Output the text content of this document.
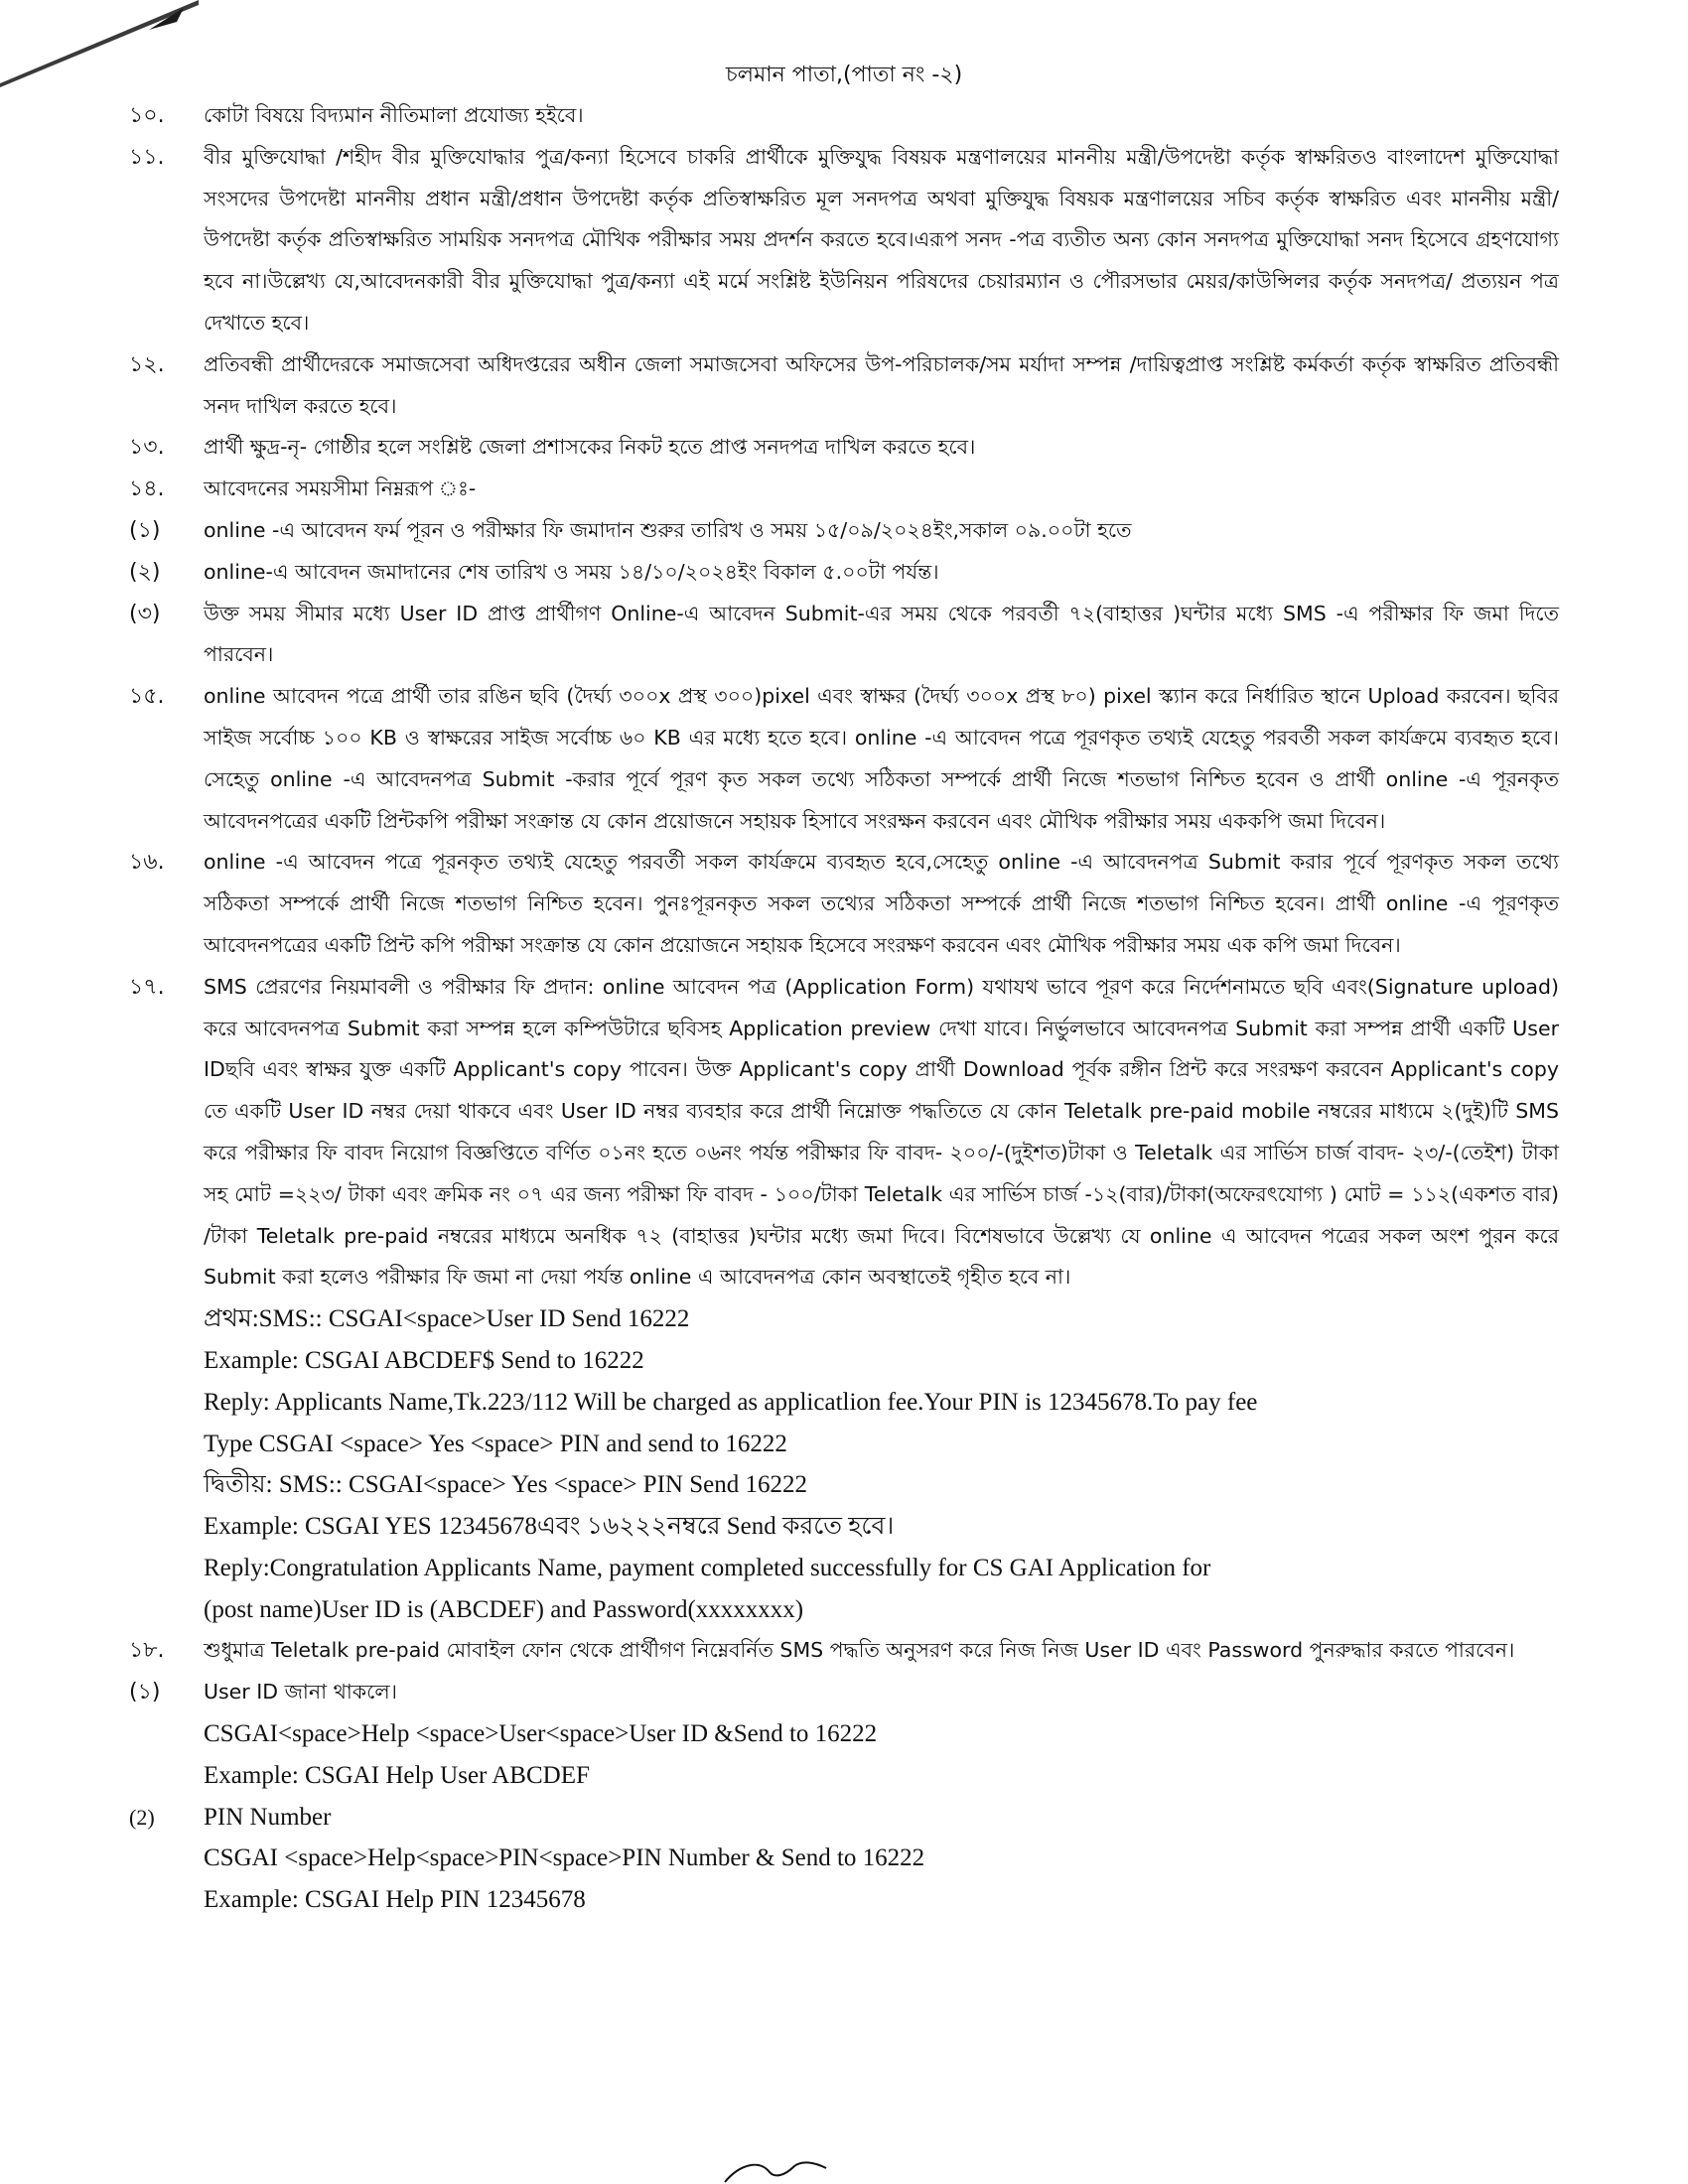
চলমান পাতা,(পাতা নং -২)
১০.	কোটা বিষয়ে বিদ্যমান নীতিমালা প্রযোজ্য হইবে।
১১.	বীর মুক্তিযোদ্ধা /শহীদ বীর মুক্তিযোদ্ধার পুত্র/কন্যা হিসেবে চাকরি প্রার্থীকে মুক্তিযুদ্ধ বিষয়ক মন্ত্রণালয়ের মাননীয় মন্ত্রী/উপদেষ্টা কর্তৃক স্বাক্ষরিতও বাংলাদেশ মুক্তিযোদ্ধা সংসদের উপদেষ্টা মাননীয় প্রধান মন্ত্রী/প্রধান উপদেষ্টা কর্তৃক প্রতিস্বাক্ষরিত মূল সনদপত্র অথবা মুক্তিযুদ্ধ বিষয়ক মন্ত্রণালয়ের সচিব কর্তৃক স্বাক্ষরিত এবং মাননীয় মন্ত্রী/উপদেষ্টা কর্তৃক প্রতিস্বাক্ষরিত সাময়িক সনদপত্র মৌখিক পরীক্ষার সময় প্রদর্শন করতে হবে।এরূপ সনদ -পত্র ব্যতীত অন্য কোন সনদপত্র মুক্তিযোদ্ধা সনদ হিসেবে গ্রহণযোগ্য হবে না।উল্লেখ্য যে,আবেদনকারী বীর মুক্তিযোদ্ধা পুত্র/কন্যা এই মর্মে সংশ্লিষ্ট ইউনিয়ন পরিষদের চেয়ারম্যান ও পৌরসভার মেয়র/কাউন্সিলর কর্তৃক সনদপত্র/ প্রত্যয়ন পত্র দেখাতে হবে।
১২.	প্রতিবন্ধী প্রার্থীদেরকে সমাজসেবা অধিদপ্তরের অধীন জেলা সমাজসেবা অফিসের উপ-পরিচালক/সম মর্যাদা সম্পন্ন /দায়িত্বপ্রাপ্ত সংশ্লিষ্ট কর্মকর্তা কর্তৃক স্বাক্ষরিত প্রতিবন্ধী সনদ দাখিল করতে হবে।
১৩.	প্রার্থী ক্ষুদ্র-নৃ- গোষ্ঠীর হলে সংশ্লিষ্ট জেলা প্রশাসকের নিকট হতে প্রাপ্ত সনদপত্র দাখিল করতে হবে।
১৪.	আবেদনের সময়সীমা নিম্নরূপ ঃ-
(১)	online -এ আবেদন ফর্ম পূরন ও পরীক্ষার ফি জমাদান শুরুর তারিখ ও সময় ১৫/০৯/২০২৪ইং,সকাল ০৯.০০টা হতে
(২)	online-এ আবেদন জমাদানের শেষ তারিখ ও সময় ১৪/১০/২০২৪ইং বিকাল ৫.০০টা পর্যন্ত।
(৩)	উক্ত সময় সীমার মধ্যে User ID প্রাপ্ত প্রার্থীগণ Online-এ আবেদন Submit-এর সময় থেকে পরবর্তী ৭২(বাহাত্তর )ঘন্টার মধ্যে SMS -এ পরীক্ষার ফি জমা দিতে পারবেন।
১৫.	online আবেদন পত্রে প্রার্থী তার রঙিন ছবি (দৈর্ঘ্য ৩০০x প্রস্থ ৩০০)pixel এবং স্বাক্ষর (দৈর্ঘ্য ৩০০x প্রস্থ ৮০) pixel স্ক্যান করে নির্ধারিত স্থানে Upload করবেন। ছবির সাইজ সর্বোচ্চ ১০০ KB ও স্বাক্ষরের সাইজ সর্বোচ্চ ৬০ KB এর মধ্যে হতে হবে। online -এ আবেদন পত্রে পূরণকৃত তথ্যই যেহেতু পরবর্তী সকল কার্যক্রমে ব্যবহৃত হবে। সেহেতু online -এ আবেদনপত্র Submit -করার পূর্বে পূরণ কৃত সকল তথ্যে সঠিকতা সম্পর্কে প্রার্থী নিজে শতভাগ নিশ্চিত হবেন ও প্রার্থী online -এ পূরনকৃত আবেদনপত্রের একটি প্রিন্টকপি পরীক্ষা সংক্রান্ত যে কোন প্রয়োজনে সহায়ক হিসাবে সংরক্ষন করবেন এবং মৌখিক পরীক্ষার সময় এককপি জমা দিবেন।
১৬.	online -এ আবেদন পত্রে পূরনকৃত তথ্যই যেহেতু পরবর্তী সকল কার্যক্রমে ব্যবহৃত হবে,সেহেতু online -এ আবেদনপত্র Submit করার পূর্বে পূরণকৃত সকল তথ্যে সঠিকতা সম্পর্কে প্রার্থী নিজে শতভাগ নিশ্চিত হবেন। পুনঃপূরনকৃত সকল তথ্যের সঠিকতা সম্পর্কে প্রার্থী নিজে শতভাগ নিশ্চিত হবেন। প্রার্থী online -এ পূরণকৃত আবেদনপত্রের একটি প্রিন্ট কপি পরীক্ষা সংক্রান্ত যে কোন প্রয়োজনে সহায়ক হিসেবে সংরক্ষণ করবেন এবং মৌখিক পরীক্ষার সময় এক কপি জমা দিবেন।
১৭.	SMS প্রেরণের নিয়মাবলী ও পরীক্ষার ফি প্রদান: online আবেদন পত্র (Application Form) যথাযথ ভাবে পূরণ করে নির্দেশনামতে ছবি এবং(Signature upload) করে আবেদনপত্র Submit করা সম্পন্ন হলে কম্পিউটারে ছবিসহ Application preview দেখা যাবে। নির্ভুলভাবে আবেদনপত্র Submit করা সম্পন্ন প্রার্থী একটি User IDছবি এবং স্বাক্ষর যুক্ত একটি Applicant's copy পাবেন। উক্ত Applicant's copy প্রার্থী Download পূর্বক রঙ্গীন প্রিন্ট করে সংরক্ষণ করবেন Applicant's copy তে একটি User ID নম্বর দেয়া থাকবে এবং User ID নম্বর ব্যবহার করে প্রার্থী নিম্নোক্ত পদ্ধতিতে যে কোন Teletalk pre-paid mobile নম্বরের মাধ্যমে ২(দুই)টি SMS করে পরীক্ষার ফি বাবদ নিয়োগ বিজ্ঞপ্তিতে বর্ণিত ০১নং হতে ০৬নং পর্যন্ত পরীক্ষার ফি বাবদ- ২০০/-(দুইশত)টাকা ও Teletalk এর সার্ভিস চার্জ বাবদ- ২৩/-(তেইশ) টাকা সহ মোট =২২৩/ টাকা এবং ক্রমিক নং ০৭ এর জন্য পরীক্ষা ফি বাবদ - ১০০/টাকা Teletalk এর সার্ভিস চার্জ -১২(বার)/টাকা(অফেরৎযোগ্য ) মোট = ১১২(একশত বার) /টাকা Teletalk pre-paid নম্বরের মাধ্যমে অনধিক ৭২ (বাহাত্তর )ঘন্টার মধ্যে জমা দিবে। বিশেষভাবে উল্লেখ্য যে online এ আবেদন পত্রের সকল অংশ পুরন করে Submit করা হলেও পরীক্ষার ফি জমা না দেয়া পর্যন্ত online এ আবেদনপত্র কোন অবস্থাতেই গৃহীত হবে না।
প্রথম:SMS:: CSGAI<space>User ID Send 16222
Example: CSGAI ABCDEF$ Send to 16222
Reply: Applicants Name,Tk.223/112 Will be charged as applicatlion fee.Your PIN is 12345678.To pay fee
Type CSGAI <space> Yes <space> PIN and send to 16222
দ্বিতীয়: SMS:: CSGAI<space> Yes <space> PIN Send 16222
Example: CSGAI YES 12345678এবং ১৬২২২নম্বরে Send করতে হবে।
Reply:Congratulation Applicants Name, payment completed successfully for CS GAI Application for
(post name)User ID is (ABCDEF) and Password(xxxxxxxx)
১৮.	শুধুমাত্র Teletalk pre-paid মোবাইল ফোন থেকে প্রার্থীগণ নিম্নেবর্নিত SMS পদ্ধতি অনুসরণ করে নিজ নিজ User ID এবং Password পুনরুদ্ধার করতে পারবেন।
(১)	User ID জানা থাকলে।
CSGAI<space>Help <space>User<space>User ID &Send to 16222
Example: CSGAI Help User ABCDEF
(2)	PIN Number
CSGAI <space>Help<space>PIN<space>PIN Number & Send to 16222
Example: CSGAI Help PIN 12345678
